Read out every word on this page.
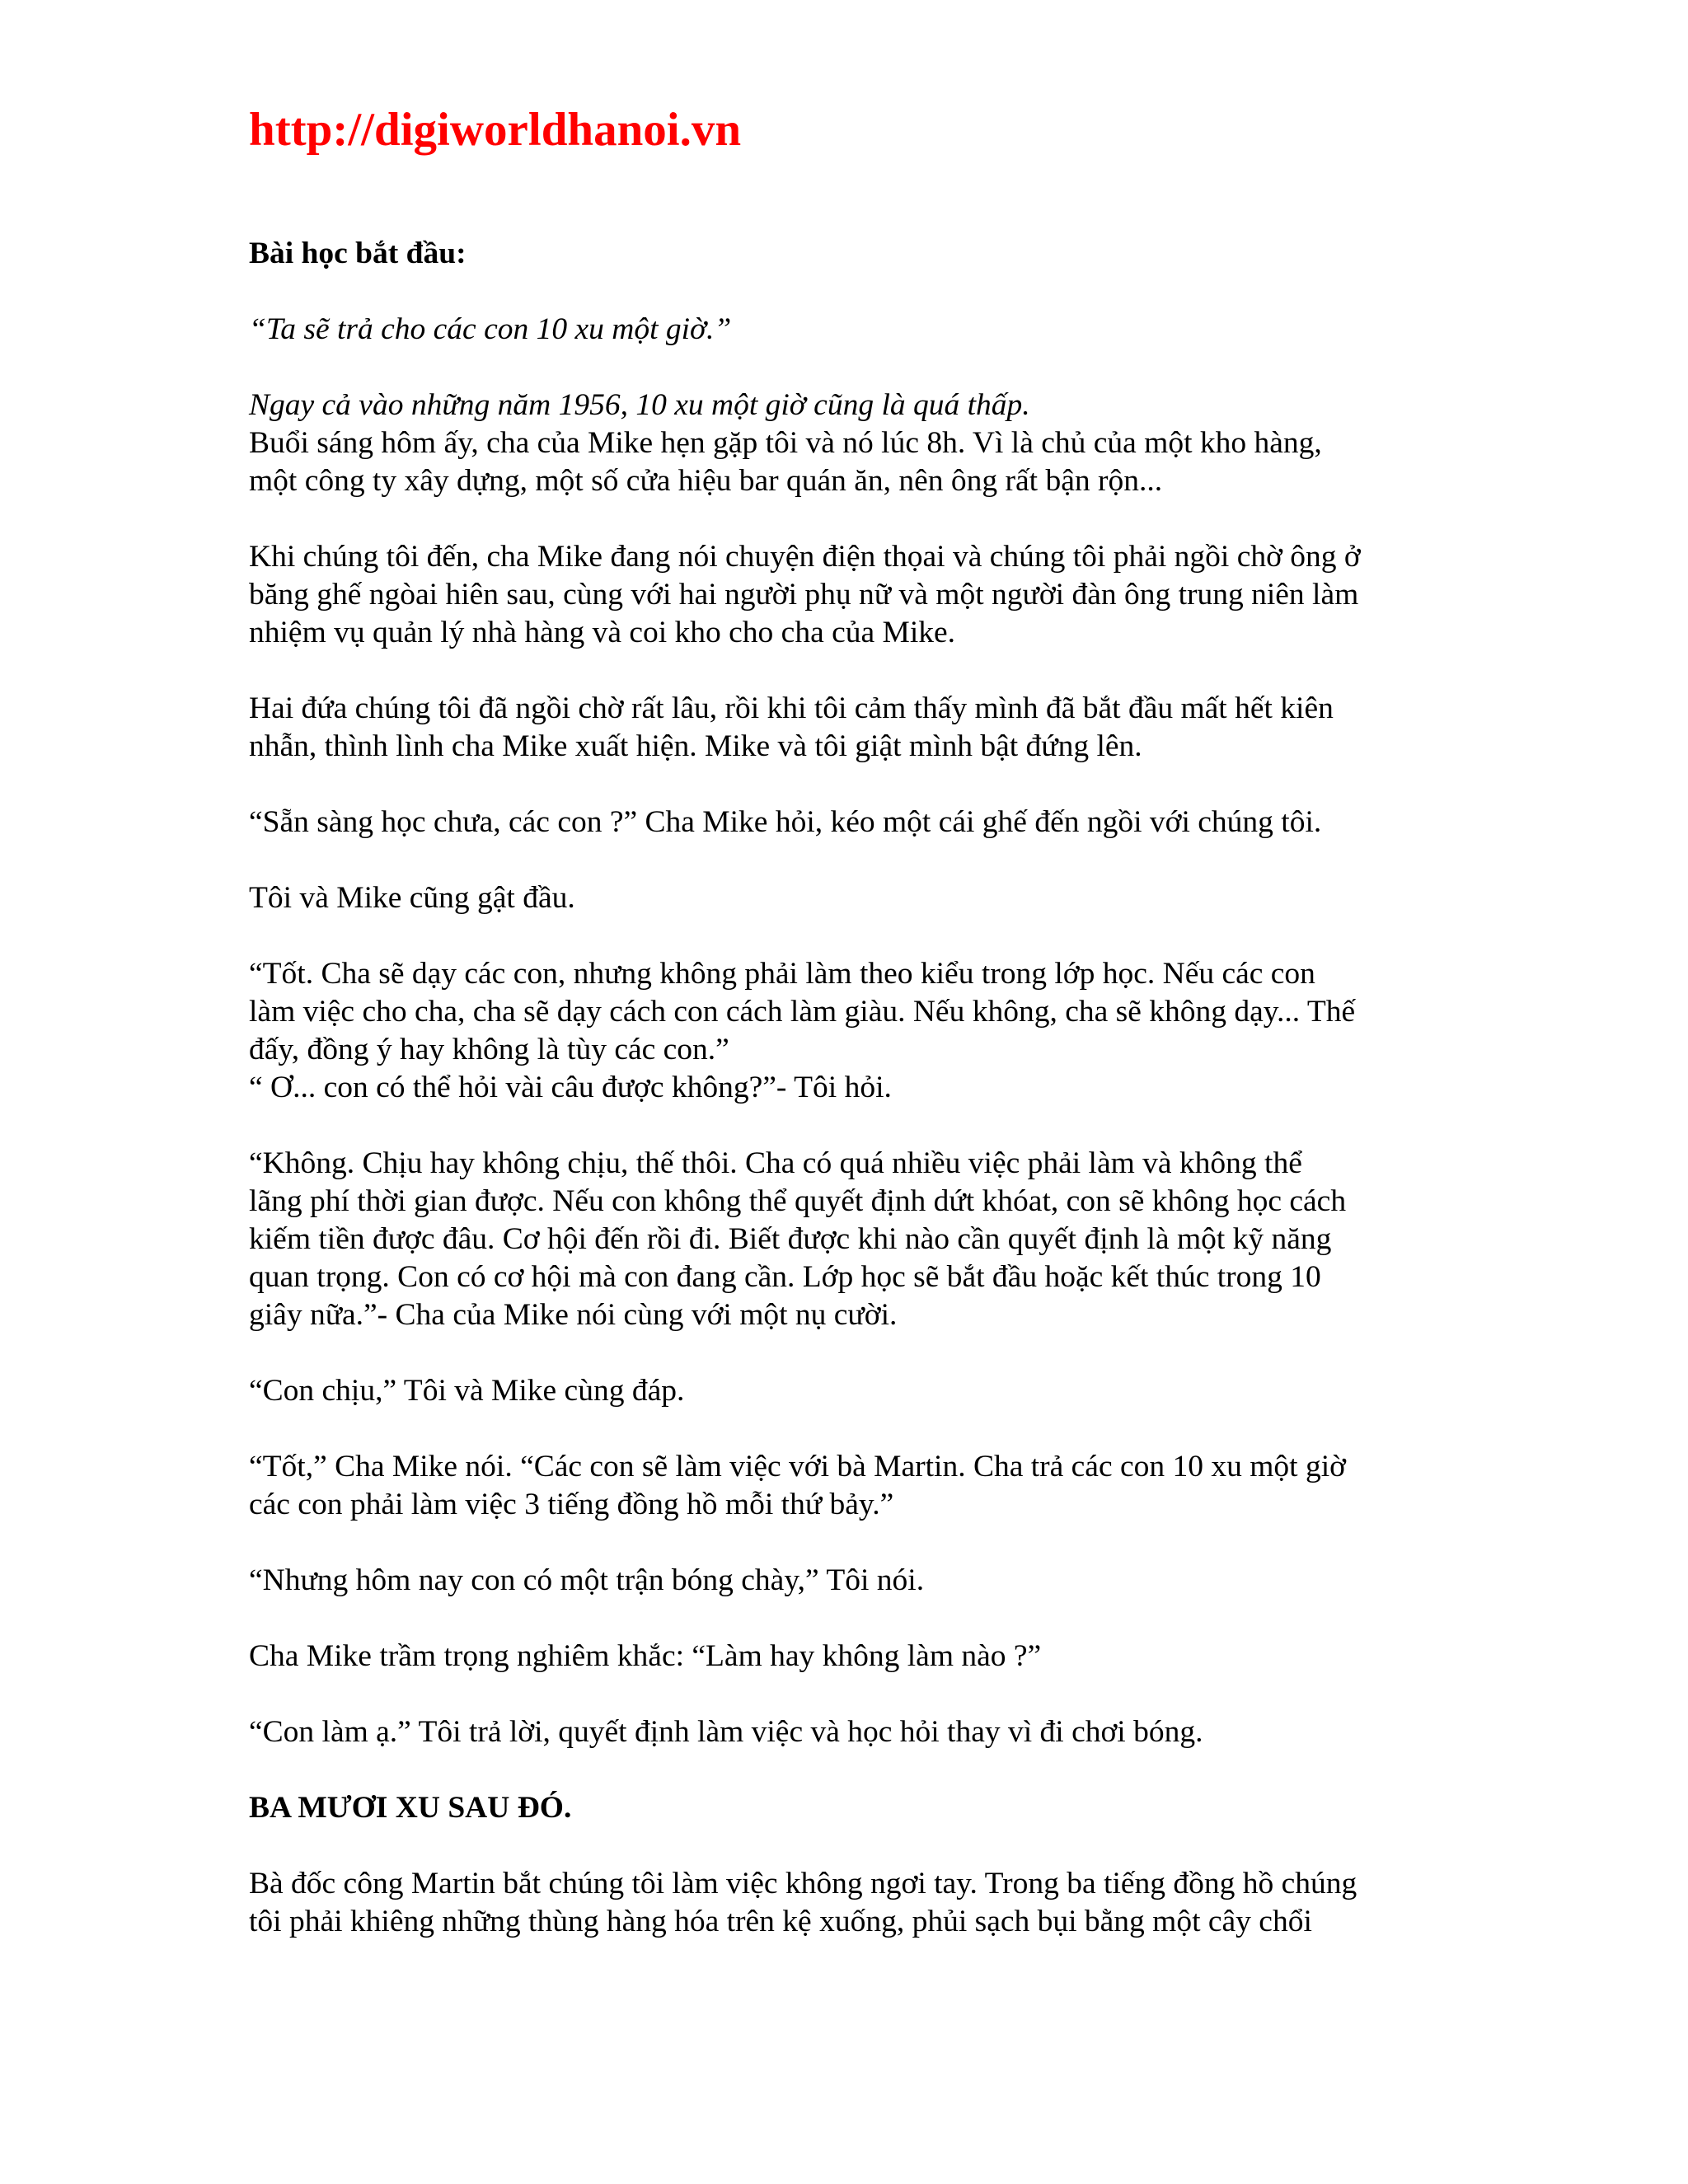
http://digiworldhanoi.vn

Bài học bắt đầu:

“Ta sẽ trả cho các con 10 xu một giờ.”

Ngay cả vào những năm 1956, 10 xu một giờ cũng là quá thấp.

Buổi sáng hôm ấy, cha của Mike hẹn gặp tôi và nó lúc 8h. Vì là chủ của một kho hàng,
một công ty xây dựng, một số cửa hiệu bar quán ăn, nên ông rất bận rộn...

Khi chúng tôi đến, cha Mike đang nói chuyện điện thọai và chúng tôi phải ngồi chờ ông ở
băng ghế ngòai hiên sau, cùng với hai người phụ nữ và một người đàn ông trung niên làm
nhiệm vụ quản lý nhà hàng và coi kho cho cha của Mike.

Hai đứa chúng tôi đã ngồi chờ rất lâu, rồi khi tôi cảm thấy mình đã bắt đầu mất hết kiên
nhẫn, thình lình cha Mike xuất hiện. Mike và tôi giật mình bật đứng lên.

“Sẵn sàng học chưa, các con ?” Cha Mike hỏi, kéo một cái ghế đến ngồi với chúng tôi.

Tôi và Mike cũng gật đầu.

“Tốt. Cha sẽ dạy các con, nhưng không phải làm theo kiểu trong lớp học. Nếu các con
làm việc cho cha, cha sẽ dạy cách con cách làm giàu. Nếu không, cha sẽ không dạy... Thế
đấy, đồng ý hay không là tùy các con.”

“ Ơ... con có thể hỏi vài câu được không?”- Tôi hỏi.

“Không. Chịu hay không chịu, thế thôi. Cha có quá nhiều việc phải làm và không thể
lãng phí thời gian được. Nếu con không thể quyết định dứt khóat, con sẽ không học cách
kiếm tiền được đâu. Cơ hội đến rồi đi. Biết được khi nào cần quyết định là một kỹ năng
quan trọng. Con có cơ hội mà con đang cần. Lớp học sẽ bắt đầu hoặc kết thúc trong 10
giây nữa.”- Cha của Mike nói cùng với một nụ cười.

“Con chịu,” Tôi và Mike cùng đáp.

“Tốt,” Cha Mike nói. “Các con sẽ làm việc với bà Martin. Cha trả các con 10 xu một giờ
các con phải làm việc 3 tiếng đồng hồ mỗi thứ bảy.”

“Nhưng hôm nay con có một trận bóng chày,” Tôi nói.

Cha Mike trầm trọng nghiêm khắc: “Làm hay không làm nào ?”

“Con làm ạ.” Tôi trả lời, quyết định làm việc và học hỏi thay vì đi chơi bóng.

BA MƯƠI XU SAU ĐÓ.

Bà đốc công Martin bắt chúng tôi làm việc không ngơi tay. Trong ba tiếng đồng hồ chúng
tôi phải khiêng những thùng hàng hóa trên kệ xuống, phủi sạch bụi bằng một cây chổi
